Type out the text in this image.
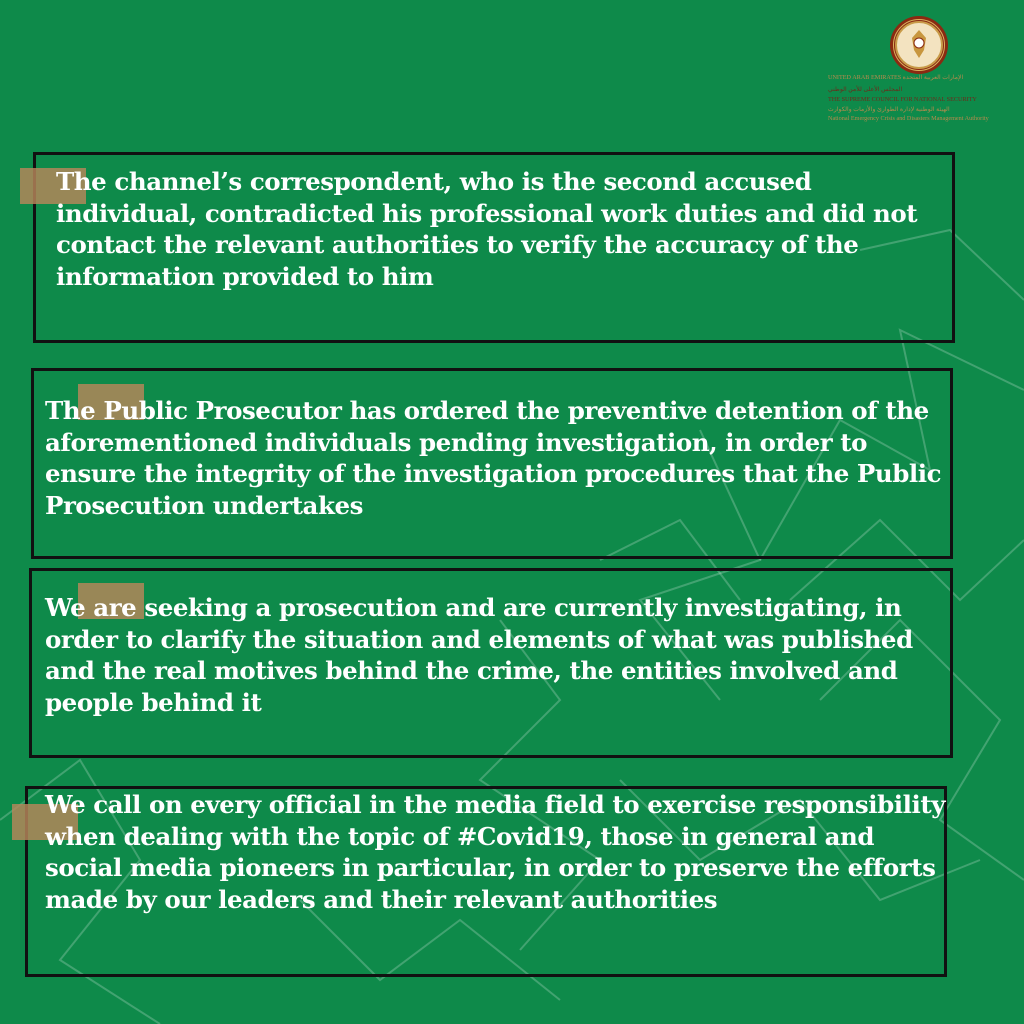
UNITED ARAB EMIRATES الإمارات العربية المتحدة
المجلس الأعلى للأمن الوطني
THE SUPREME COUNCIL FOR NATIONAL SECURITY
الهيئة الوطنية لإدارة الطوارئ والأزمات والكوارث
National Emergency Crisis and Disasters Management Authority

The channel’s correspondent, who is the second accused individual, contradicted his professional work duties and did not contact the relevant authorities to verify the accuracy of the information provided to him

The Public Prosecutor has ordered the preventive detention of the aforementioned individuals pending investigation, in order to ensure the integrity of the investigation procedures that the Public Prosecution undertakes

We are seeking a prosecution and are currently investigating, in order to clarify the situation and elements of what was published and the real motives behind the crime, the entities involved and people behind it

We call on every official in the media field to exercise responsibility when dealing with the topic of #Covid19, those in general and social media pioneers in particular, in order to preserve the efforts made by our leaders and their relevant authorities
